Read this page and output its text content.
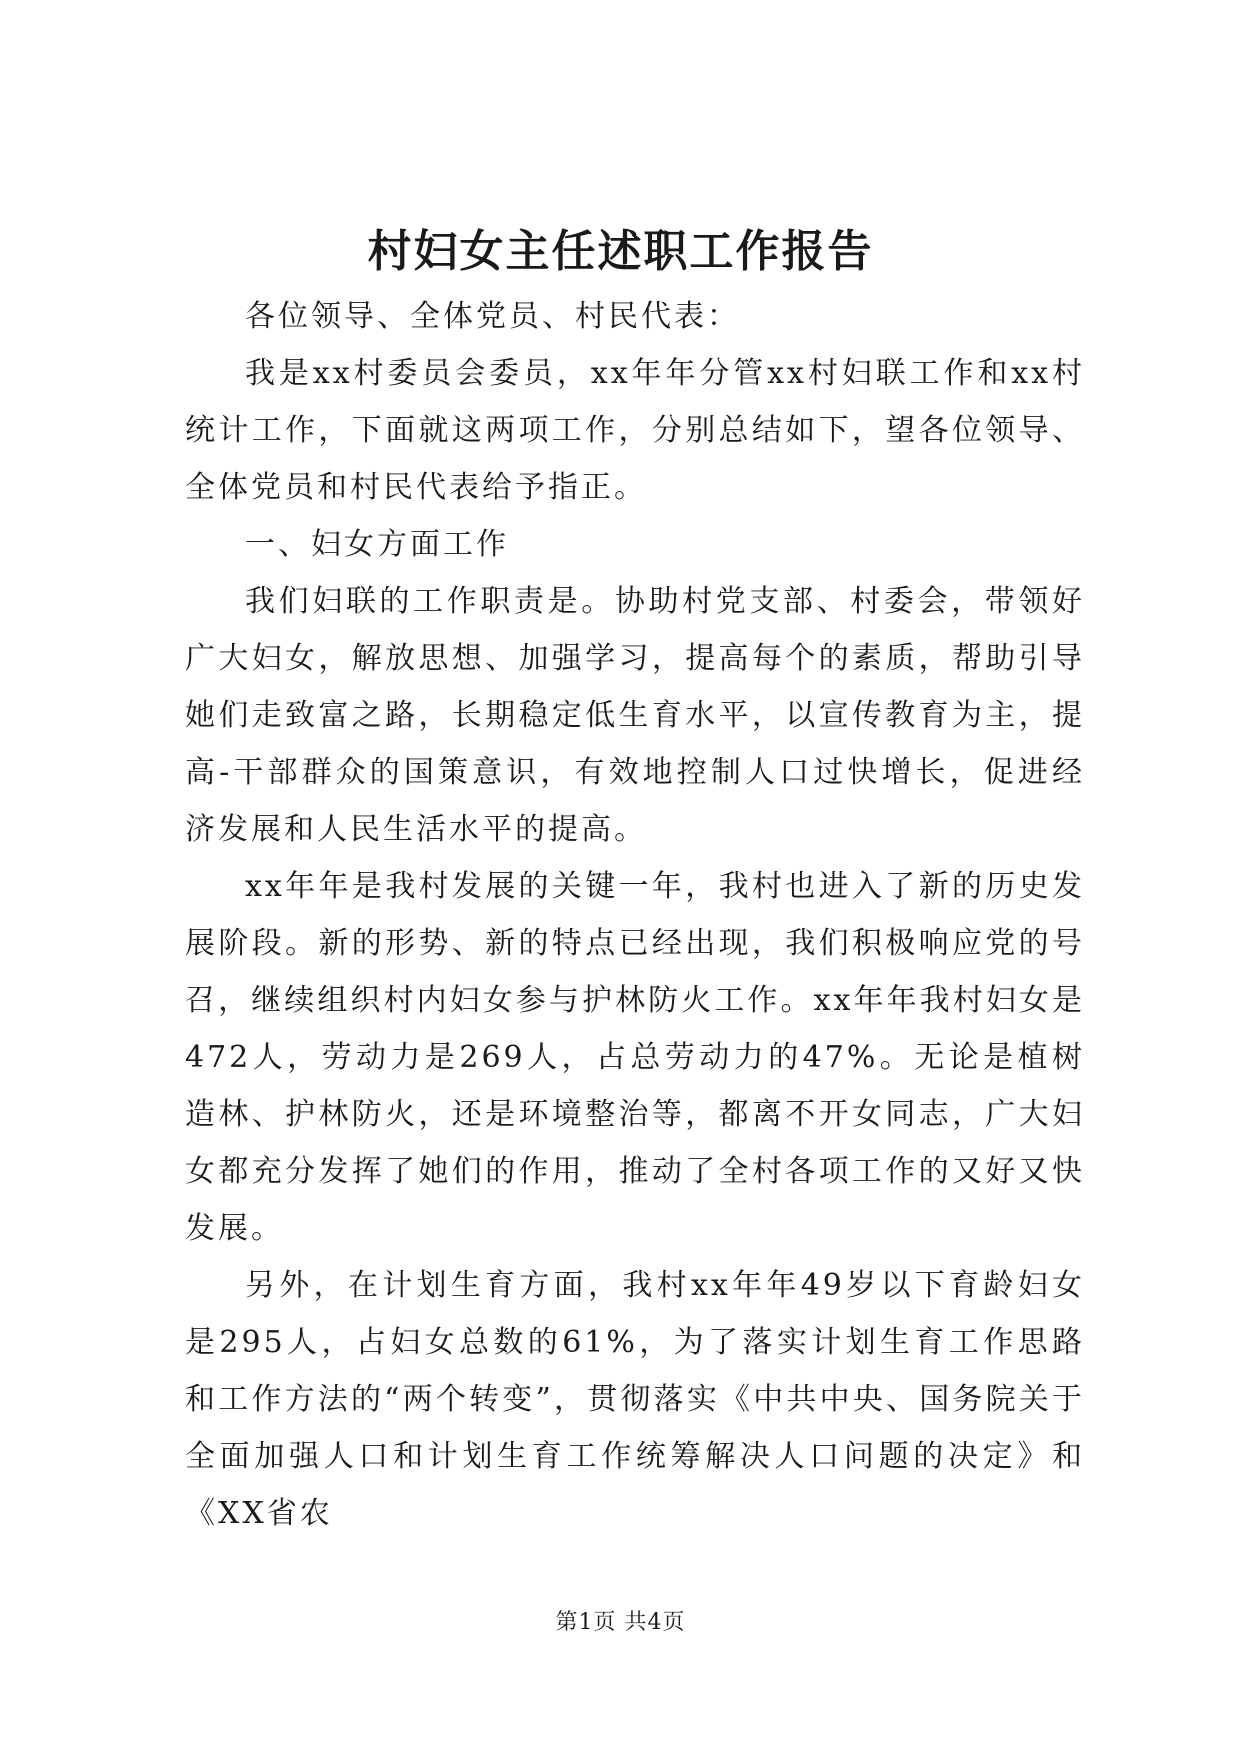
村妇女主任述职工作报告

各位领导、全体党员、村民代表：

我是xx村委员会委员，xx年年分管xx村妇联工作和xx村统计工作，下面就这两项工作，分别总结如下，望各位领导、全体党员和村民代表给予指正。

一、妇女方面工作

我们妇联的工作职责是。协助村党支部、村委会，带领好广大妇女，解放思想、加强学习，提高每个的素质，帮助引导她们走致富之路，长期稳定低生育水平，以宣传教育为主，提高-干部群众的国策意识，有效地控制人口过快增长，促进经济发展和人民生活水平的提高。

xx年年是我村发展的关键一年，我村也进入了新的历史发展阶段。新的形势、新的特点已经出现，我们积极响应党的号召，继续组织村内妇女参与护林防火工作。xx年年我村妇女是472人，劳动力是269人，占总劳动力的47%。无论是植树造林、护林防火，还是环境整治等，都离不开女同志，广大妇女都充分发挥了她们的作用，推动了全村各项工作的又好又快发展。

另外，在计划生育方面，我村xx年年49岁以下育龄妇女是295人，占妇女总数的61%，为了落实计划生育工作思路和工作方法的“两个转变”，贯彻落实《中共中央、国务院关于全面加强人口和计划生育工作统筹解决人口问题的决定》和《XX省农

第1页 共4页
